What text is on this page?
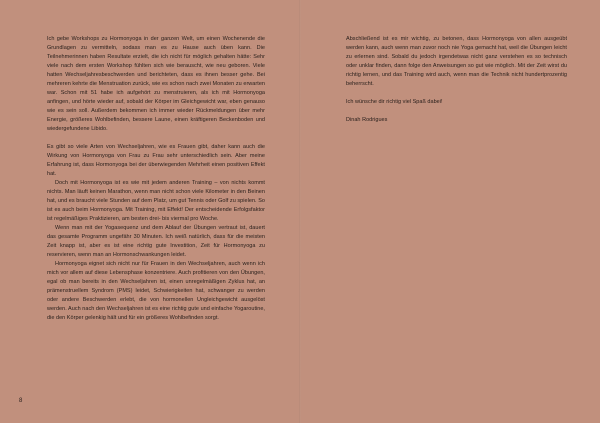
Ich gebe Workshops zu Hormonyoga in der ganzen Welt, um einen Wochenende die Grundlagen zu vermitteln, sodass man es zu Hause auch üben kann. Die Teilnehmerinnen haben Resultate erzielt, die ich nicht für möglich gehalten hätte: Sehr viele nach dem ersten Workshop fühlten sich wie berauscht, wie neu geboren. Viele hatten Wechseljahresbeschwerden und berichteten, dass es ihnen besser gehe. Bei mehreren kehrte die Menstruation zurück, wie es schon nach zwei Monaten zu erwarten war. Schon mit 51 habe ich aufgehört zu menstruieren, als ich mit Hormonyoga anfingen, und hörte wieder auf, sobald der Körper im Gleichgewicht war, eben genauso wie es sein soll. Außerdem bekommen ich immer wieder Rückmeldungen über mehr Energie, größeres Wohlbefinden, bessere Laune, einen kräftigeren Beckenboden und wiedergefundene Libido.

Es gibt so viele Arten von Wechseljahren, wie es Frauen gibt, daher kann auch die Wirkung von Hormonyoga von Frau zu Frau sehr unterschiedlich sein. Aber meine Erfahrung ist, dass Hormonyoga bei der überwiegenden Mehrheit einen positiven Effekt hat.

Doch mit Hormonyoga ist es wie mit jedem anderen Training – von nichts kommt nichts. Man läuft keinen Marathon, wenn man nicht schon viele Kilometer in den Beinen hat, und es braucht viele Stunden auf dem Platz, um gut Tennis oder Golf zu spielen. So ist es auch beim Hormonyoga. Mit Training, mit Effekt! Der entscheidende Erfolgsfaktor ist regelmäßiges Praktizieren, am besten drei- bis viermal pro Woche.

Wenn man mit der Yogasequenz und dem Ablauf der Übungen vertraut ist, dauert das gesamte Programm ungefähr 30 Minuten. Ich weiß natürlich, dass für die meisten Zeit knapp ist, aber es ist eine richtig gute Investition, Zeit für Hormonyoga zu reservieren, wenn man an Hormonschwankungen leidet.

Hormonyoga eignet sich nicht nur für Frauen in den Wechseljahren, auch wenn ich mich vor allem auf diese Lebensphase konzentriere. Auch profitieren von den Übungen, egal ob man bereits in den Wechseljahren ist, einen unregelmäßigen Zyklus hat, an prämenstruellem Syndrom (PMS) leidet, Schwierigkeiten hat, schwanger zu werden oder andere Beschwerden erlebt, die von hormonellen Ungleichgewicht ausgelöst werden. Auch nach den Wechseljahren ist es eine richtig gute und einfache Yogaroutine, die den Körper gelenkig hält und für ein größeres Wohlbefinden sorgt.

8

Abschließend ist es mir wichtig, zu betonen, dass Hormonyoga von allen ausgeübt werden kann, auch wenn man zuvor noch nie Yoga gemacht hat, weil die Übungen leicht zu erlernen sind. Sobald du jedoch irgendetwas nicht ganz verstehen es so technisch oder unklar finden, dann folge den Anweisungen so gut wie möglich. Mit der Zeit wirst du richtig lernen, und das Training wird auch, wenn man die Technik nicht hundertprozentig beherrscht.

Ich wünsche dir richtig viel Spaß dabei!

Dinah Rodrigues
